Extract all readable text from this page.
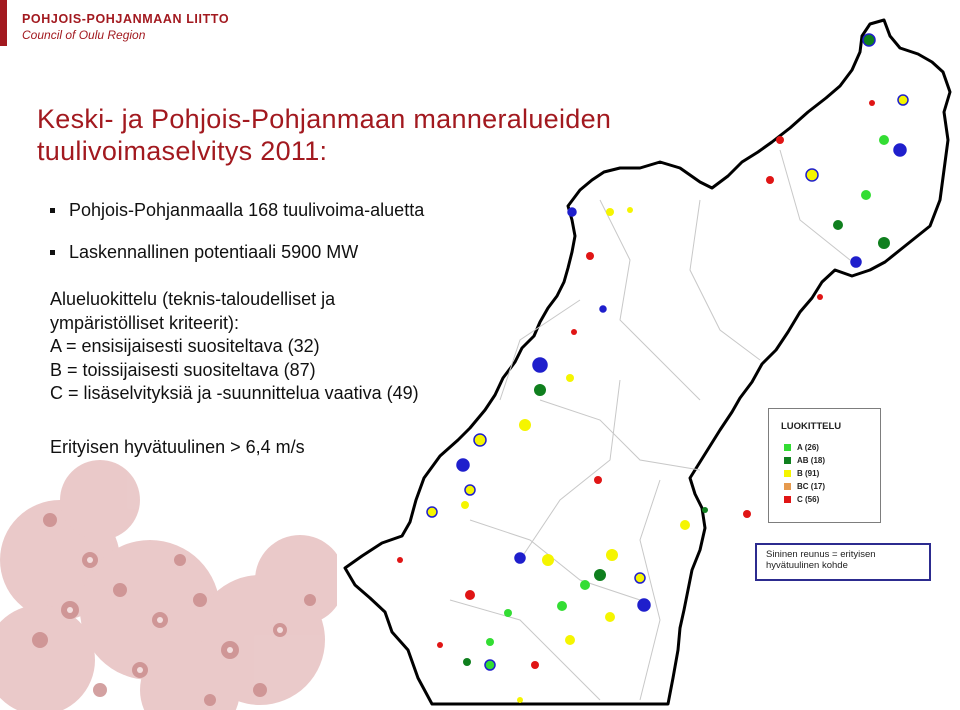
POHJOIS-POHJANMAAN LIITTO
Council of Oulu Region
Keski- ja Pohjois-Pohjanmaan manneralueiden
tuulivoimaselvitys 2011:
Pohjois-Pohjanmaalla 168 tuulivoima-aluetta
Laskennallinen potentiaali 5900 MW
Alueluokittelu (teknis-taloudelliset ja
ympäristölliset kriteerit):
A = ensisijaisesti suositeltava (32)
B = toissijaisesti suositeltava (87)
C = lisäselvityksiä ja -suunnittelua vaativa (49)
Erityisen hyvätuulinen > 6,4 m/s
LUOKITTELU
A (26)
AB (18)
B (91)
BC (17)
C (56)
Sininen reunus = erityisen
hyvätuulinen kohde
